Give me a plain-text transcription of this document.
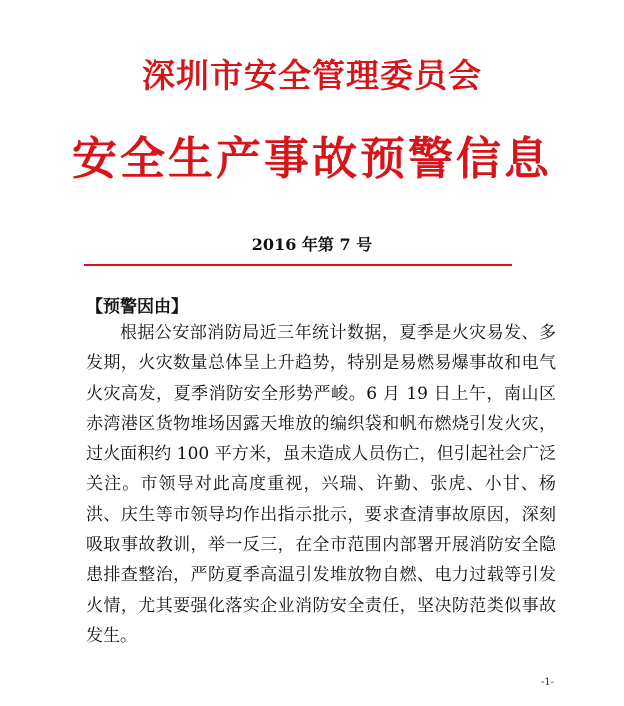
深圳市安全管理委员会
安全生产事故预警信息
2016 年第 7 号
【预警因由】

根据公安部消防局近三年统计数据，夏季是火灾易发、多发期，火灾数量总体呈上升趋势，特别是易燃易爆事故和电气火灾高发，夏季消防安全形势严峻。6 月 19 日上午，南山区赤湾港区货物堆场因露天堆放的编织袋和帆布燃烧引发火灾，过火面积约 100 平方米，虽未造成人员伤亡，但引起社会广泛关注。市领导对此高度重视，兴瑞、许勤、张虎、小甘、杨洪、庆生等市领导均作出指示批示，要求查清事故原因，深刻吸取事故教训，举一反三，在全市范围内部署开展消防安全隐患排查整治，严防夏季高温引发堆放物自燃、电力过载等引发火情，尤其要强化落实企业消防安全责任，坚决防范类似事故发生。

-1-
